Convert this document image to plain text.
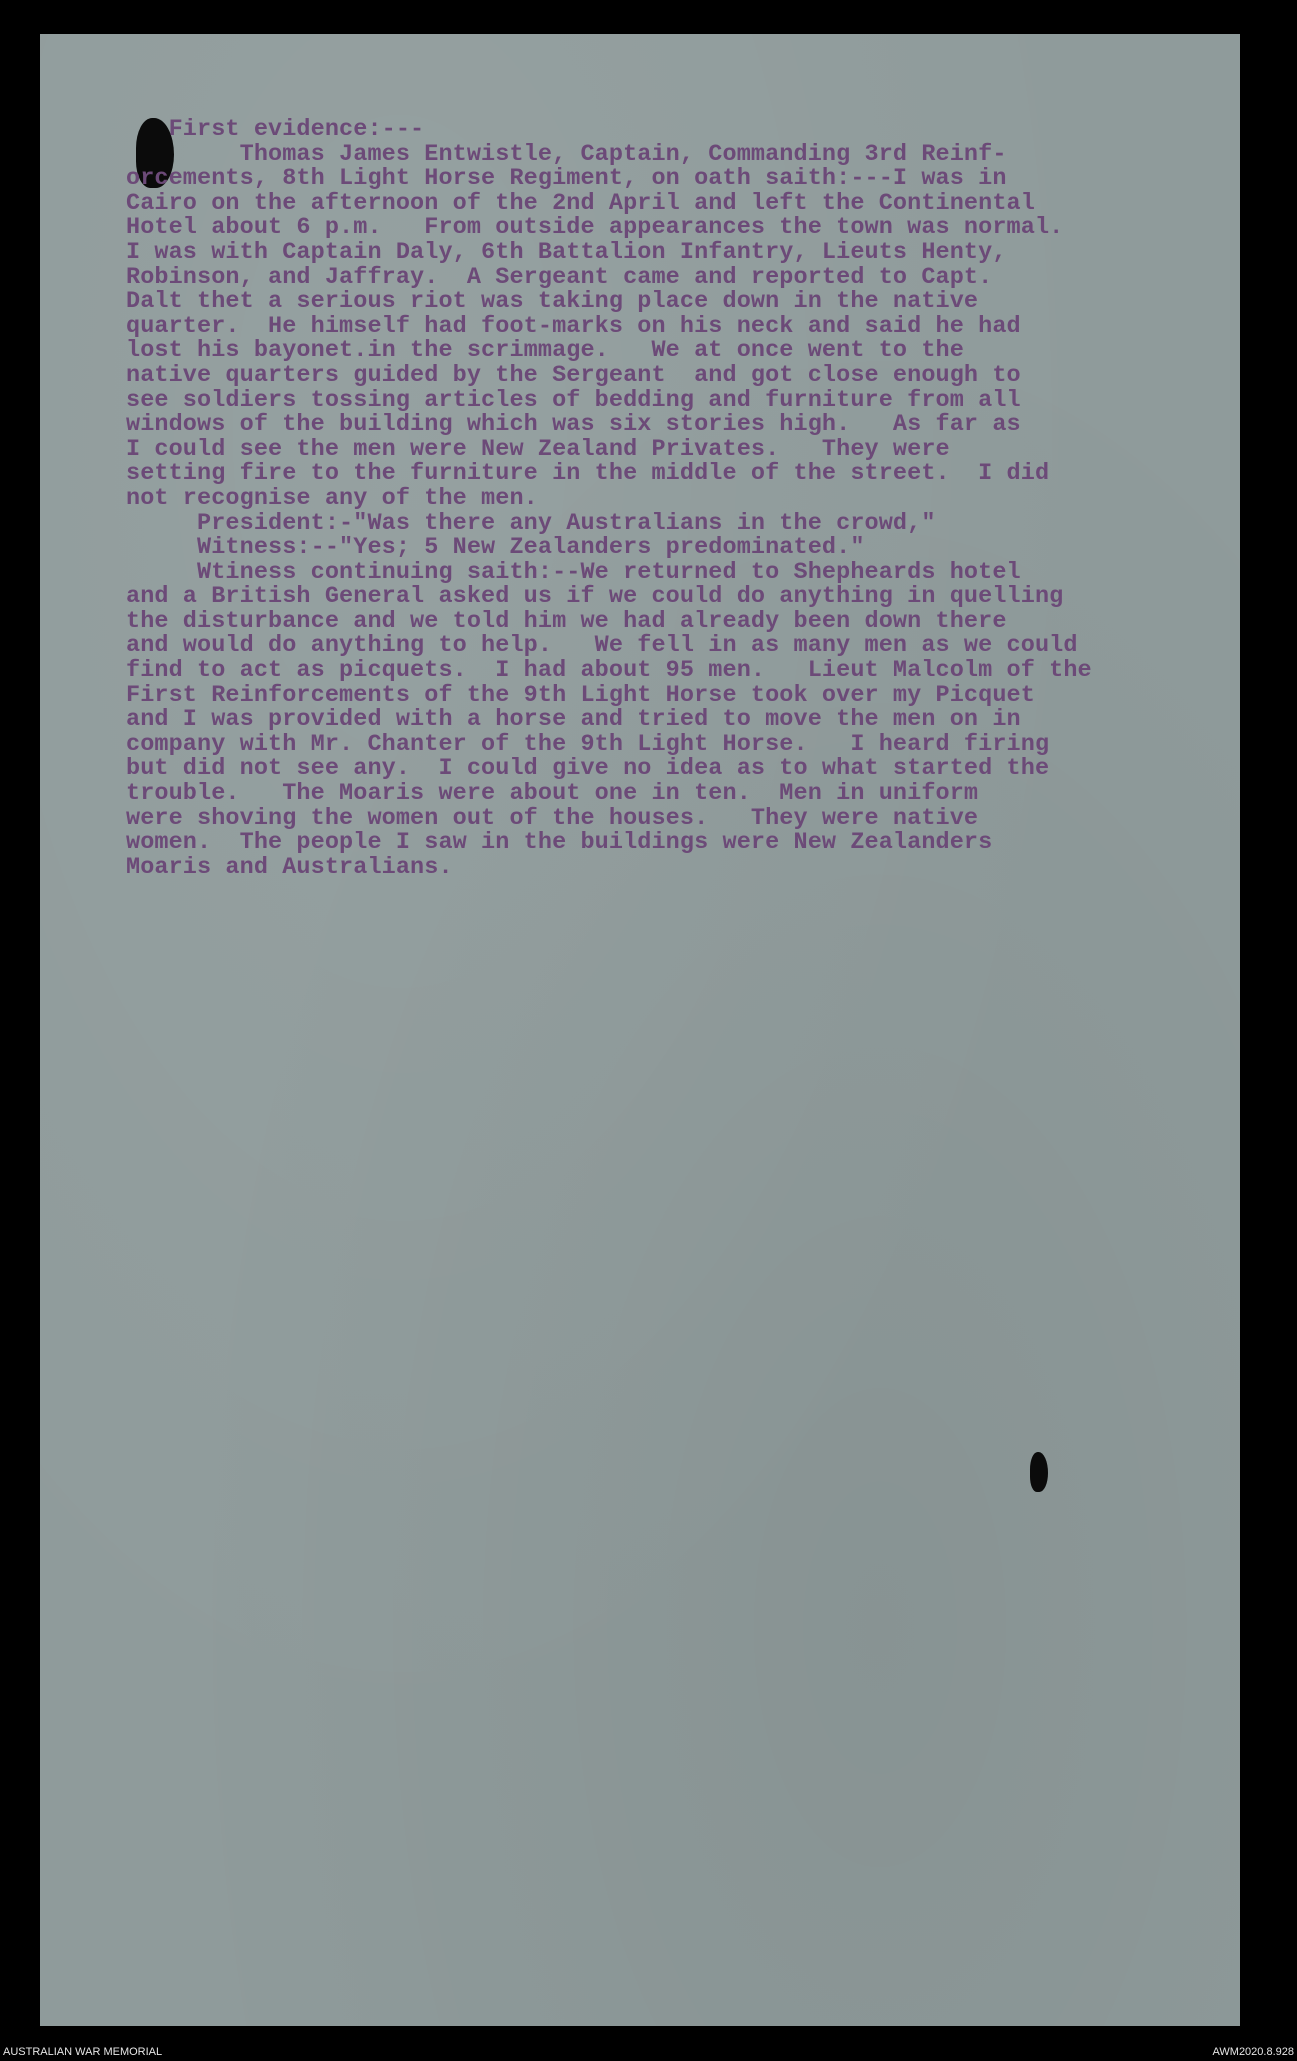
First evidence:---
Thomas James Entwistle, Captain, Commanding 3rd Reinf-
orcements, 8th Light Horse Regiment, on oath saith:---I was in
Cairo on the afternoon of the 2nd April and left the Continental
Hotel about 6 p.m.   From outside appearances the town was normal.
I was with Captain Daly, 6th Battalion Infantry, Lieuts Henty,
Robinson, and Jaffray.  A Sergeant came and reported to Capt.
Dalt thet a serious riot was taking place down in the native
quarter.  He himself had foot-marks on his neck and said he had
lost his bayonet.in the scrimmage.   We at once went to the
native quarters guided by the Sergeant  and got close enough to
see soldiers tossing articles of bedding and furniture from all
windows of the building which was six stories high.   As far as
I could see the men were New Zealand Privates.   They were
setting fire to the furniture in the middle of the street.  I did
not recognise any of the men.
President:-"Was there any Australians in the crowd,"
Witness:--"Yes; 5 New Zealanders predominated."
Wtiness continuing saith:--We returned to Shepheards hotel
and a British General asked us if we could do anything in quelling
the disturbance and we told him we had already been down there
and would do anything to help.   We fell in as many men as we could
find to act as picquets.  I had about 95 men.   Lieut Malcolm of the
First Reinforcements of the 9th Light Horse took over my Picquet
and I was provided with a horse and tried to move the men on in
company with Mr. Chanter of the 9th Light Horse.   I heard firing
but did not see any.  I could give no idea as to what started the
trouble.   The Moaris were about one in ten.  Men in uniform
were shoving the women out of the houses.   They were native
women.  The people I saw in the buildings were New Zealanders
Moaris and Australians.
AUSTRALIAN WAR MEMORIAL	AWM2020.8.928
